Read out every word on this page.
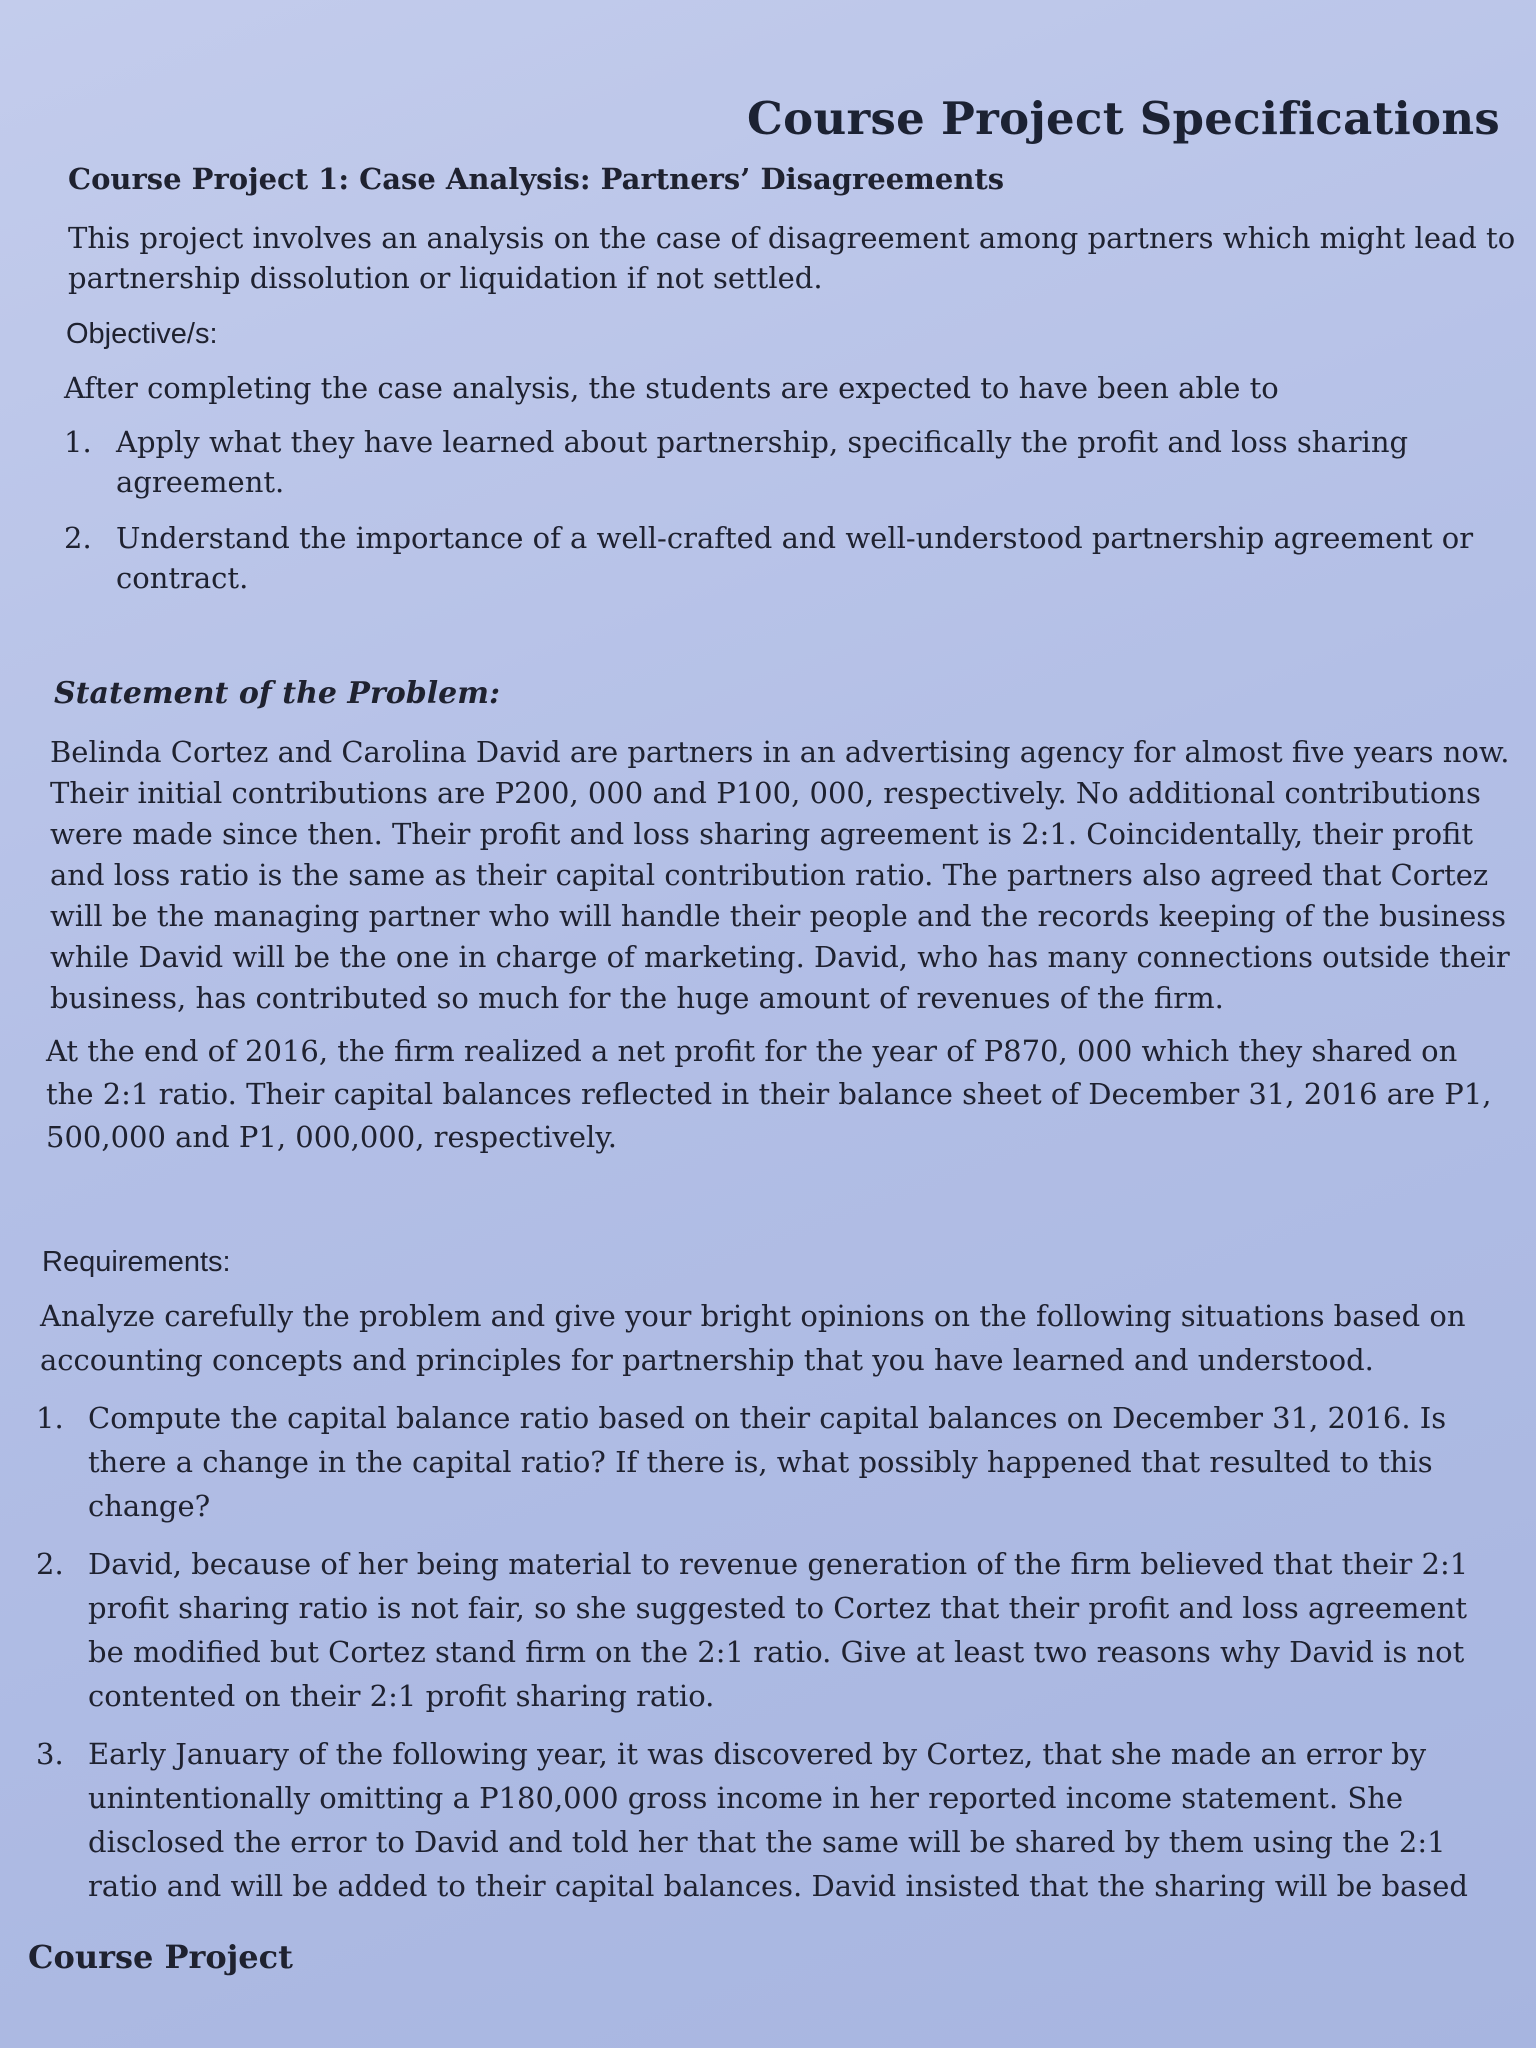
Course Project Specifications
Course Project 1: Case Analysis: Partners’ Disagreements

This project involves an analysis on the case of disagreement among partners which might lead to
partnership dissolution or liquidation if not settled.

Objective/s:

After completing the case analysis, the students are expected to have been able to

1. Apply what they have learned about partnership, specifically the profit and loss sharing
agreement.
2. Understand the importance of a well-crafted and well-understood partnership agreement or
contract.
Statement of the Problem:

Belinda Cortez and Carolina David are partners in an advertising agency for almost five years now.
Their initial contributions are P200, 000 and P100, 000, respectively. No additional contributions
were made since then. Their profit and loss sharing agreement is 2:1. Coincidentally, their profit
and loss ratio is the same as their capital contribution ratio. The partners also agreed that Cortez
will be the managing partner who will handle their people and the records keeping of the business
while David will be the one in charge of marketing. David, who has many connections outside their
business, has contributed so much for the huge amount of revenues of the firm.

At the end of 2016, the firm realized a net profit for the year of P870, 000 which they shared on
the 2:1 ratio. Their capital balances reflected in their balance sheet of December 31, 2016 are P1,
500,000 and P1, 000,000, respectively.

Requirements:

Analyze carefully the problem and give your bright opinions on the following situations based on
accounting concepts and principles for partnership that you have learned and understood.

1. Compute the capital balance ratio based on their capital balances on December 31, 2016. Is
there a change in the capital ratio? If there is, what possibly happened that resulted to this
change?
2. David, because of her being material to revenue generation of the firm believed that their 2:1
profit sharing ratio is not fair, so she suggested to Cortez that their profit and loss agreement
be modified but Cortez stand firm on the 2:1 ratio. Give at least two reasons why David is not
contented on their 2:1 profit sharing ratio.
3. Early January of the following year, it was discovered by Cortez, that she made an error by
unintentionally omitting a P180,000 gross income in her reported income statement. She
disclosed the error to David and told her that the same will be shared by them using the 2:1
ratio and will be added to their capital balances. David insisted that the sharing will be based

Course Project
